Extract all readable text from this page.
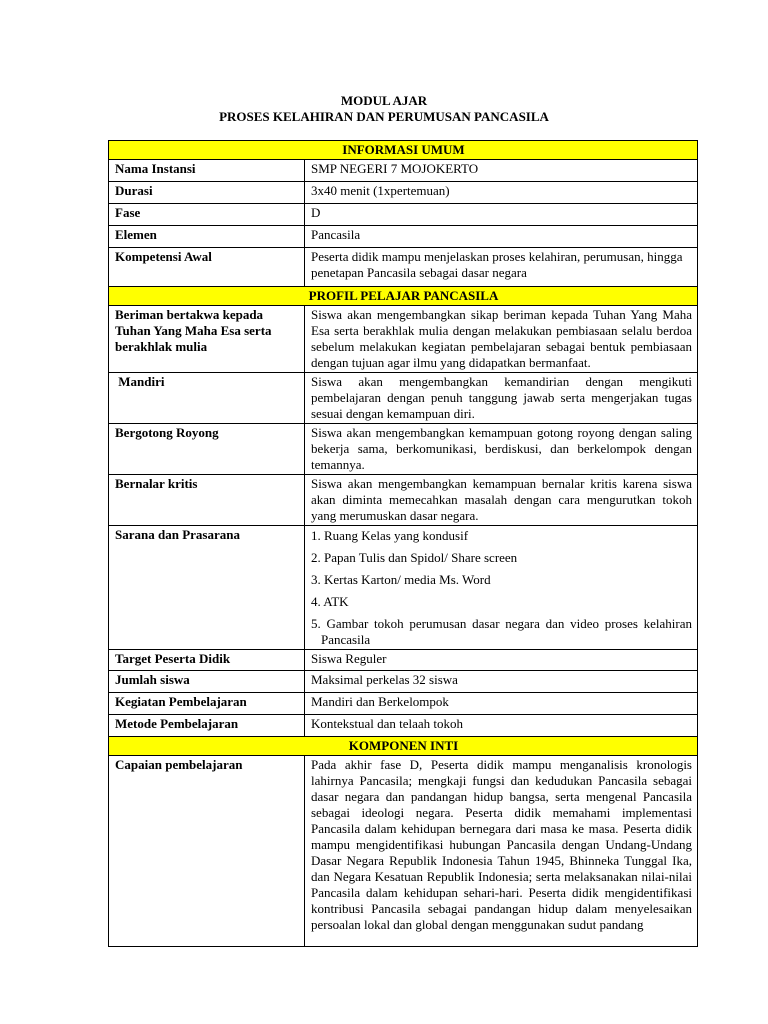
MODUL AJAR
PROSES KELAHIRAN DAN PERUMUSAN PANCASILA
INFORMASI UMUM	
Nama Instansi	SMP NEGERI 7 MOJOKERTO
Durasi	3x40 menit (1xpertemuan)
Fase	D
Elemen	Pancasila
Kompetensi Awal	Peserta didik mampu menjelaskan proses kelahiran, perumusan, hingga penetapan Pancasila sebagai dasar negara
PROFIL PELAJAR PANCASILA	
Beriman bertakwa kepada Tuhan Yang Maha Esa serta berakhlak mulia	Siswa akan mengembangkan sikap beriman kepada Tuhan Yang Maha Esa serta berakhlak mulia dengan melakukan pembiasaan selalu berdoa sebelum melakukan kegiatan pembelajaran sebagai bentuk pembiasaan dengan tujuan agar ilmu yang didapatkan bermanfaat.
Mandiri	Siswa akan mengembangkan kemandirian dengan mengikuti pembelajaran dengan penuh tanggung jawab serta mengerjakan tugas sesuai dengan kemampuan diri.
Bergotong Royong	Siswa akan mengembangkan kemampuan gotong royong dengan saling bekerja sama, berkomunikasi, berdiskusi, dan berkelompok dengan temannya.
Bernalar kritis	Siswa akan mengembangkan kemampuan bernalar kritis karena siswa akan diminta memecahkan masalah dengan cara mengurutkan tokoh yang merumuskan dasar negara.
Sarana dan Prasarana	1. Ruang Kelas yang kondusif
2. Papan Tulis dan Spidol/ Share screen
3. Kertas Karton/ media Ms. Word
4. ATK
5. Gambar tokoh perumusan dasar negara dan video proses kelahiran Pancasila

Target Peserta Didik	Siswa Reguler
Jumlah siswa	Maksimal perkelas 32 siswa
Kegiatan Pembelajaran	Mandiri dan Berkelompok
Metode Pembelajaran	Kontekstual dan telaah tokoh
KOMPONEN INTI	
Capaian pembelajaran	Pada akhir fase D, Peserta didik mampu menganalisis kronologis lahirnya Pancasila; mengkaji fungsi dan kedudukan Pancasila sebagai dasar negara dan pandangan hidup bangsa, serta mengenal Pancasila sebagai ideologi negara. Peserta didik memahami implementasi Pancasila dalam kehidupan bernegara dari masa ke masa. Peserta didik mampu mengidentifikasi hubungan Pancasila dengan Undang-Undang Dasar Negara Republik Indonesia Tahun 1945, Bhinneka Tunggal Ika, dan Negara Kesatuan Republik Indonesia; serta melaksanakan nilai-nilai Pancasila dalam kehidupan sehari-hari. Peserta didik mengidentifikasi kontribusi Pancasila sebagai pandangan hidup dalam menyelesaikan persoalan lokal dan global dengan menggunakan sudut pandang
